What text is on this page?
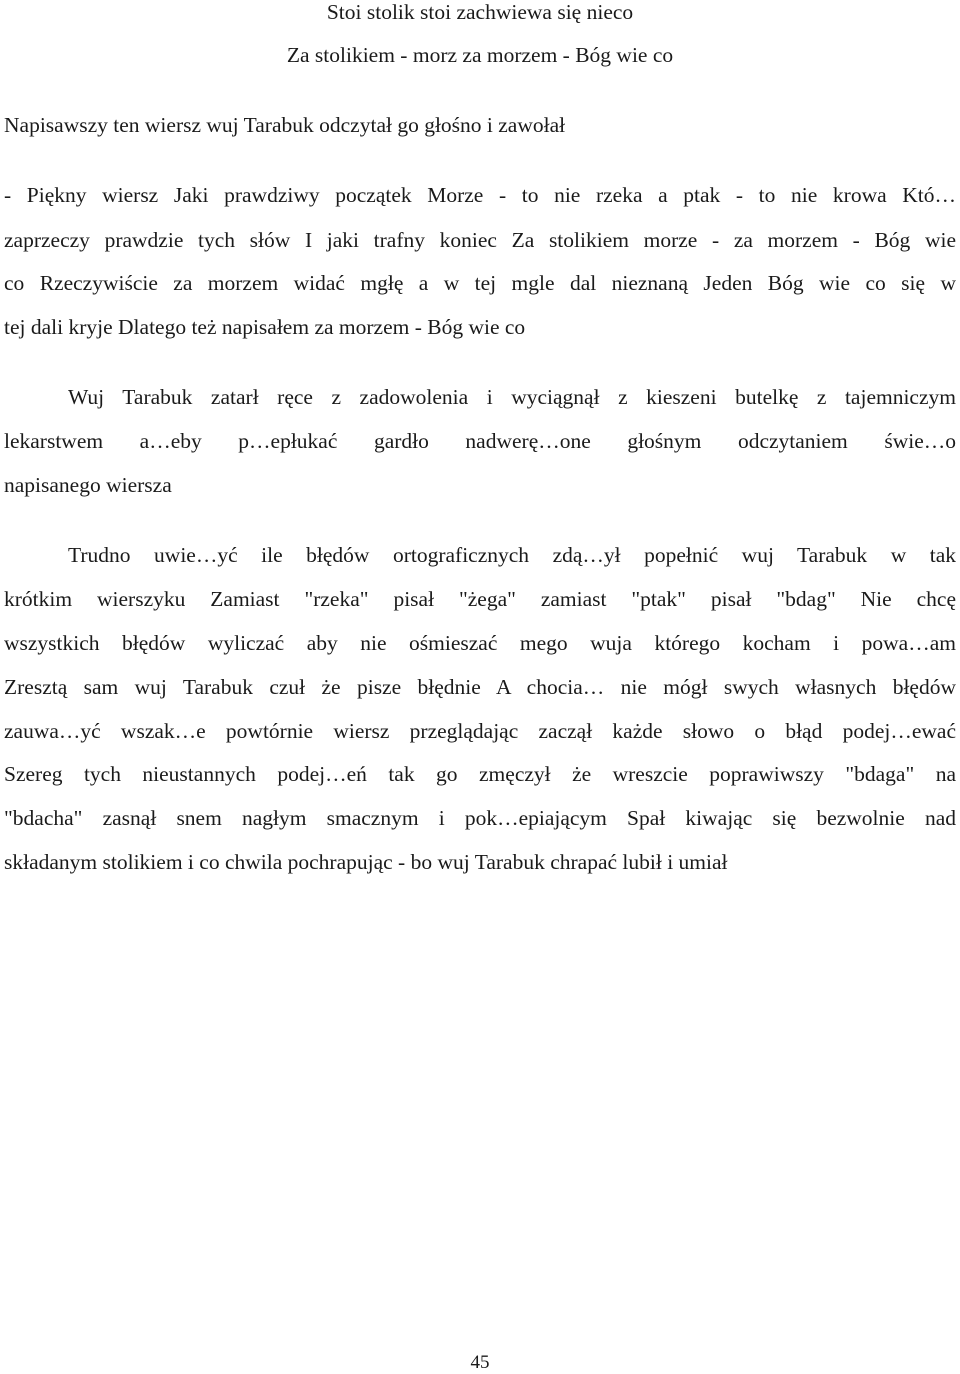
Stoi stolik stoi zachwiewa się nieco
Za stolikiem - morz za morzem - Bóg wie co
Napisawszy ten wiersz wuj Tarabuk odczytał go głośno i zawołał
- Piękny wiersz Jaki prawdziwy początek Morze - to nie rzeka a ptak - to nie krowa Któ…
zaprzeczy prawdzie tych słów I jaki trafny koniec Za stolikiem morze - za morzem - Bóg wie
co Rzeczywiście za morzem widać mgłę a w tej mgle dal nieznaną Jeden Bóg wie co się w
tej dali kryje Dlatego też napisałem za morzem - Bóg wie co
Wuj Tarabuk zatarł ręce z zadowolenia i wyciągnął z kieszeni butelkę z tajemniczym
lekarstwem a…eby p…epłukać gardło nadwerę…one głośnym odczytaniem świe…o
napisanego wiersza
Trudno uwie…yć ile błędów ortograficznych zdą…ył popełnić wuj Tarabuk w tak
krótkim wierszyku Zamiast "rzeka" pisał "żega" zamiast "ptak" pisał "bdag" Nie chcę
wszystkich błędów wyliczać aby nie ośmieszać mego wuja którego kocham i powa…am
Zresztą sam wuj Tarabuk czuł że pisze błędnie A chocia… nie mógł swych własnych błędów
zauwa…yć wszak…e powtórnie wiersz przeglądając zaczął każde słowo o błąd podej…ewać
Szereg tych nieustannych podej…eń tak go zmęczył że wreszcie poprawiwszy "bdaga" na
"bdacha" zasnął snem nagłym smacznym i pok…epiającym Spał kiwając się bezwolnie nad
składanym stolikiem i co chwila pochrapując - bo wuj Tarabuk chrapać lubił i umiał
45
